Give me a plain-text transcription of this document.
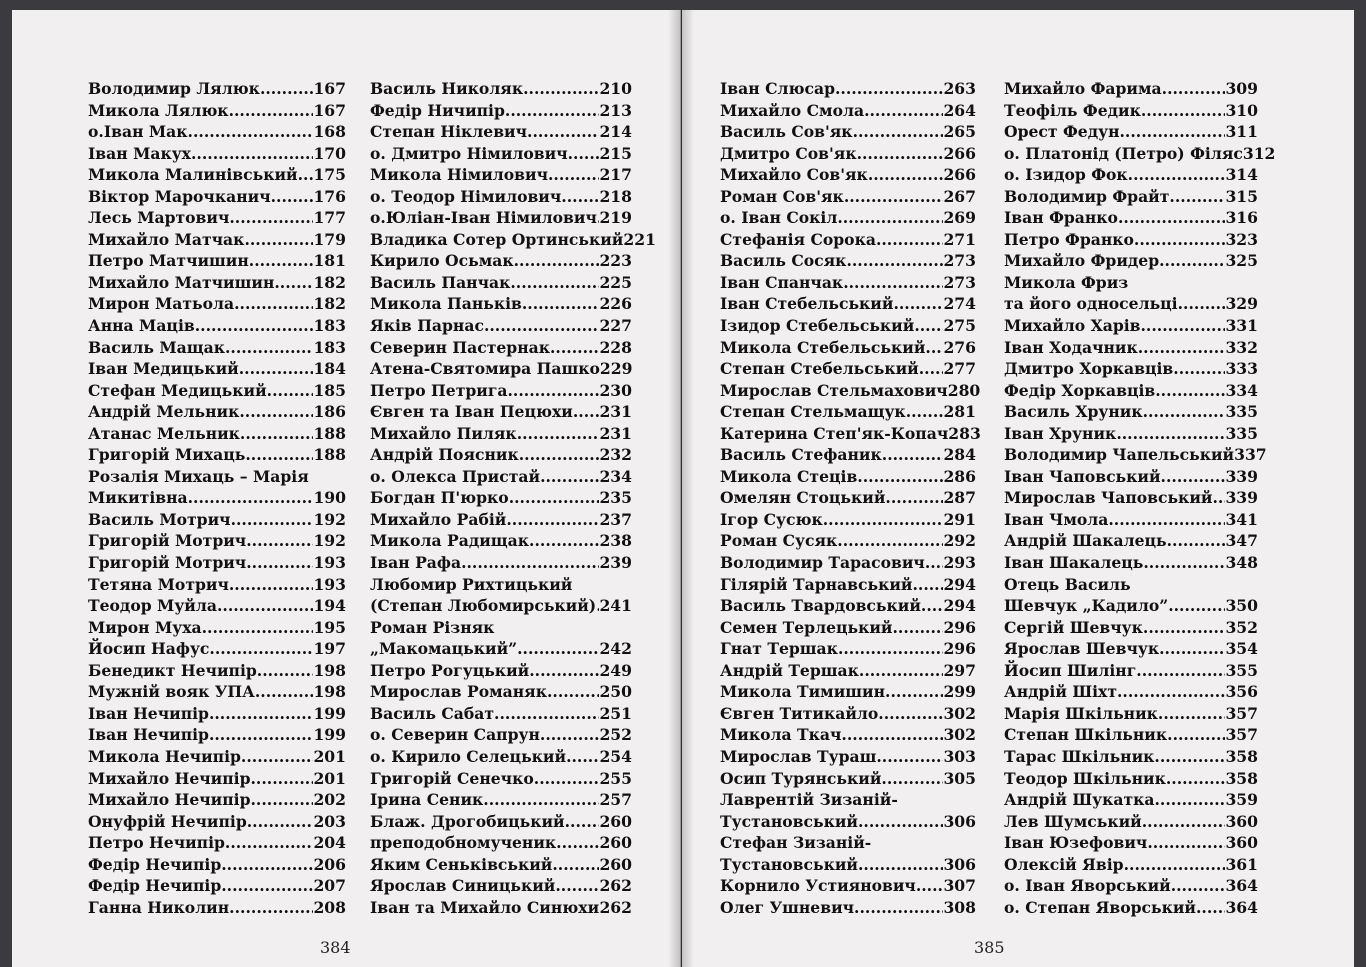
Володимир Лялюк .....	167
Микола Лялюк .....	167
о.Іван Мак .....	168
Іван Макух .....	170
Микола Малинівський ..... 175
Віктор Марочканич .....	176
Лесь Мартович .....	177
Михайло Матчак .....	179
Петро Матчишин .....	181
Михайло Матчишин .....	182
Мирон Матьола .....	182
Анна Маців .....	183
Василь Мащак .....	183
Іван Медицький .....	184
Стефан Медицький .....	185
Андрій Мельник .....	186
Атанас Мельник .....	188
Григорій Михаць .....	188
Розалія Михаць – Марія
Микитівна .....	190
Василь Мотрич .....	192
Григорій Мотрич .....	192
Григорій Мотрич .....	193
Тетяна Мотрич .....	193
Теодор Муйла .....	194
Мирон Муха .....	195
Йосип Нафус .....	197
Бенедикт Нечипір .....	198
Мужній вояк УПА .....	198
Іван Нечипір .....	199
Іван Нечипір .....	199
Микола Нечипір .....	201
Михайло Нечипір .....	201
Михайло Нечипір .....	202
Онуфрій Нечипір .....	203
Петро Нечипір .....	204
Федір Нечипір .....	206
Федір Нечипір .....	207
Ганна Николин .....	208
Василь Николяк .....	210
Федір Ничипір .....	213
Степан Ніклевич .....	214
о. Дмитро Німилович ..... 215
Микола Німилович .....	217
о. Теодор Німилович ..... 218
о.Юліан-Іван Німилович ..... 219
Владика Сотер Ортинський 221
Кирило Осьмак .....	223
Василь Панчак .....	225
Микола Паньків .....	226
Яків Парнас .....	227
Северин Пастернак .....	228
Атена-Святомира Пашко 229
Петро Петрига .....	230
Євген та Іван Пецюхи ..... 231
Михайло Пиляк .....	231
Андрій Поясник .....	232
о. Олекса Пристай .....	234
Богдан П'юрко .....	235
Михайло Рабій .....	237
Микола Радищак .....	238
Іван Рафа .....	239
Любомир Рихтицький
(Степан Любомирський) ..... 241
Роман Різняк
„Макомацький” .....	242
Петро Рогуцький .....	249
Мирослав Романяк .....	250
Василь Сабат .....	251
о. Северин Сапрун .....	252
о. Кирило Селецький ..... 254
Григорій Сенечко .....	255
Ірина Сеник .....	257
Блаж. Дрогобицький ..... 260
преподобномученик .....	260
Яким Сеньківський .....	260
Ярослав Синицький .....	262
Іван та Михайло Синюхи ..... 262
384
Іван Слюсар .....	263
Михайло Смола .....	264
Василь Сов'як .....	265
Дмитро Сов'як .....	266
Михайло Сов'як .....	266
Роман Сов'як .....	267
о. Іван Сокіл .....	269
Стефанія Сорока .....	271
Василь Сосяк .....	273
Іван Спанчак .....	273
Іван Стебельський .....	274
Ізидор Стебельський ..... 275
Микола Стебельський ..... 276
Степан Стебельський ..... 277
Мирослав Стельмахович 280
Степан Стельмащук ..... 281
Катерина Степ'як-Копач 283
Василь Стефаник .....	284
Микола Стеців .....	286
Омелян Стоцький .....	287
Ігор Сусюк .....	291
Роман Сусяк .....	292
Володимир Тарасович ..... 293
Гілярій Тарнавський ..... 294
Василь Твардовський ..... 294
Семен Терлецький .....	296
Гнат Тершак .....	296
Андрій Тершак .....	297
Микола Тимишин .....	299
Євген Титикайло .....	302
Микола Ткач .....	302
Мирослав Тураш .....	303
Осип Турянський .....	305
Лаврентій Зизаній-
Тустановський .....	306
Стефан Зизаній-
Тустановський .....	306
Корнило Устиянович ..... 307
Олег Ушневич .....	308
Михайло Фарима .....	309
Теофіль Федик .....	310
Орест Федун .....	311
о. Платонід (Петро) Філяс 312
о. Ізидор Фок .....	314
Володимир Фрайт .....	315
Іван Франко .....	316
Петро Франко .....	323
Михайло Фридер .....	325
Микола Фриз
та його односельці .....	329
Михайло Харів .....	331
Іван Ходачник .....	332
Дмитро Хоркавців .....	333
Федір Хоркавців .....	334
Василь Хруник .....	335
Іван Хруник .....	335
Володимир Чапельський 337
Іван Чаповський .....	339
Мирослав Чаповський ..... 339
Іван Чмола .....	341
Андрій Шакалець .....	347
Іван Шакалець .....	348
Отець Василь
Шевчук „Кадило” .....	350
Сергій Шевчук .....	352
Ярослав Шевчук .....	354
Йосип Шилінг .....	355
Андрій Шіхт .....	356
Марія Шкільник .....	357
Степан Шкільник .....	357
Тарас Шкільник .....	358
Теодор Шкільник .....	358
Андрій Шукатка .....	359
Лев Шумський .....	360
Іван Юзефович .....	360
Олексій Явір .....	361
о. Іван Яворський .....	364
о. Степан Яворський ..... 364
385
